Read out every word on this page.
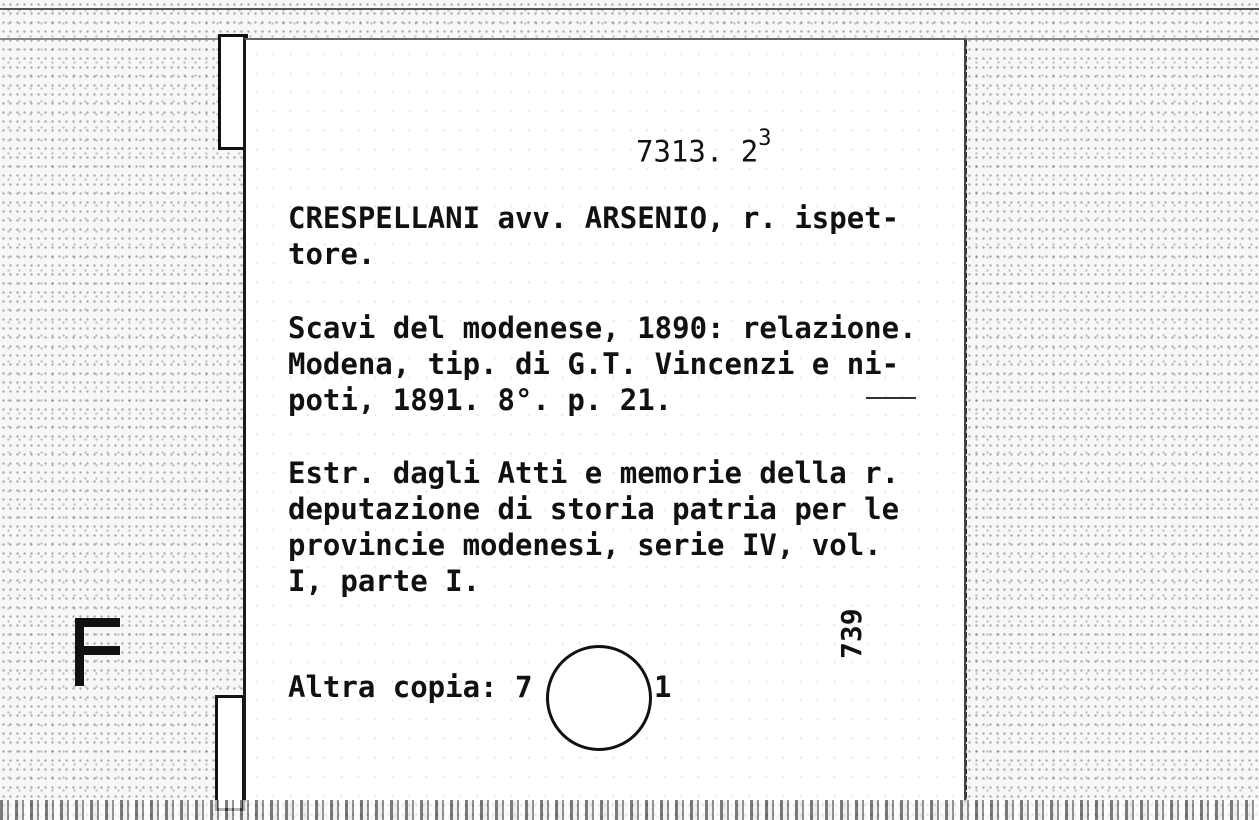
7313. $2^3$
CRESPELLANI avv. ARSENIO, r. ispet-
tore.
Scavi del modenese, 1890: relazione.
Modena, tip. di G.T. Vincenzi e ni-
poti, 1891. 8°. p. 21.
Estr. dagli Atti e memorie della r.
deputazione di storia patria per le
provincie modenesi, serie IV, vol.
I, parte I.
739
Altra copia: 7	1
